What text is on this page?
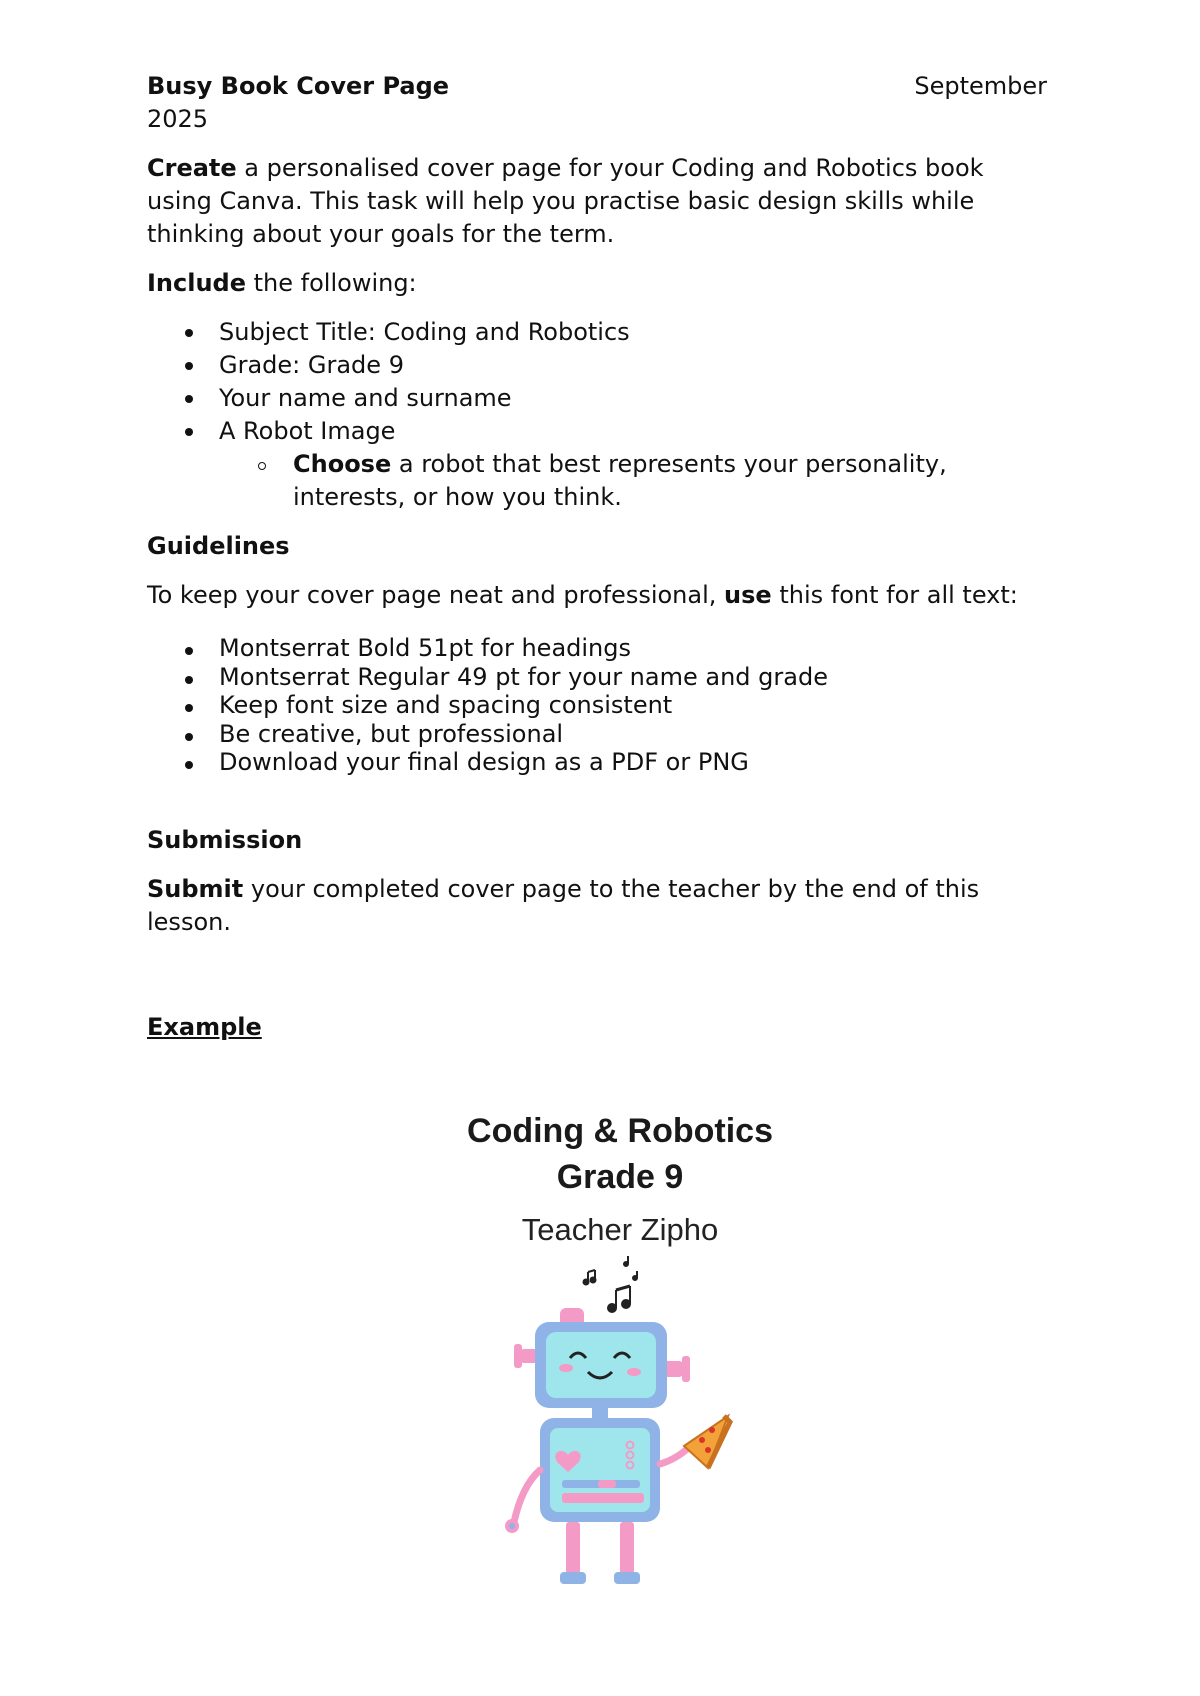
Busy Book Cover Page	September

2025

Create a personalised cover page for your Coding and Robotics book using Canva. This task will help you practise basic design skills while thinking about your goals for the term.

Include the following:

Subject Title: Coding and Robotics
Grade: Grade 9
Your name and surname
A Robot Image
Choose a robot that best represents your personality, interests, or how you think.

Guidelines

To keep your cover page neat and professional, use this font for all text:

Montserrat Bold 51pt for headings
Montserrat Regular 49 pt for your name and grade
Keep font size and spacing consistent
Be creative, but professional
Download your final design as a PDF or PNG

Submission

Submit your completed cover page to the teacher by the end of this lesson.

Example

Coding & Robotics
Grade 9
Teacher Zipho
